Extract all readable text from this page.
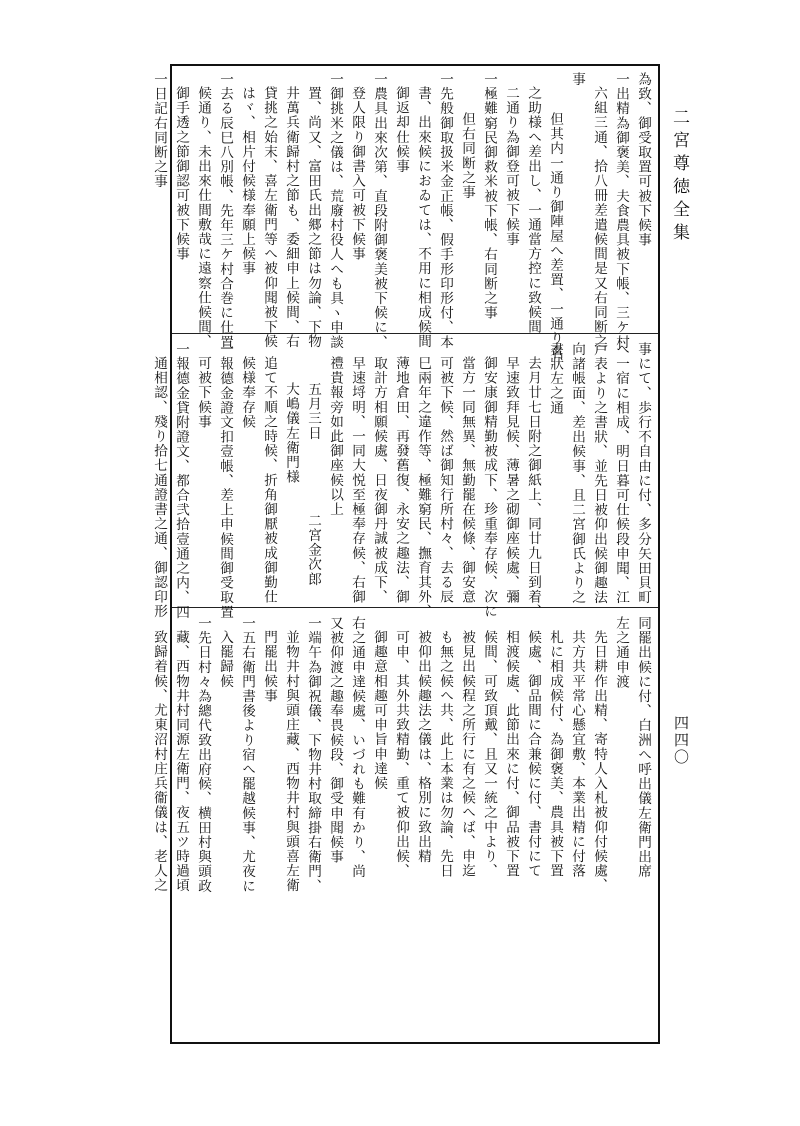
二宮尊徳全集
四四〇
為致、御受取置可被下候事
一出精為御褒美、夫食農具被下帳、三ケ村
六組三通、拾八冊差遣候間是又右同断之
事
但其内一通り御陣屋へ差置、一通り名
之助様へ差出し、一通當方控に致候間
二通り為御登可被下候事
一極難窮民御救米被下帳、右同断之事
但右同断之事
一先般御取扱米金正帳、假手形印形付、本
書、出來候におゐては、不用に相成候間
御返却仕候事
一農具出來次第、直段附御褒美被下候に、
登人限り御書入可被下候事
一御挑米之儀は、荒廢村役人へも具ヽ申談
置、尚又、富田氏出郷之節は勿論、下物
井萬兵衛歸村之節も、委細申上候間、右
貸挑之始末、喜左衛門等へ被仰聞被下候
はヾ、相片付候様奉願上候事
一去る辰巳八別帳、先年三ケ村合巻に仕置
候通り、未出來仕間敷哉に遠察仕候間、
御手透之節御認可被下候事
一日記右同断之事
事にて、歩行不自由に付、多分矢田貝町
へ一宿に相成、明日暮可仕候段申聞、江
戸表より之書狀、並先日被仰出候御趣法
向諸帳面、差出候事、且二宮御氏より之
書狀左之通
去月廿七日附之御紙上、同廿九日到着、
早速致拜見候、薄暑之砌御座候處、彌
御安康御精勤被成下、珍重奉存候、次に
當方一同無異、無勤罷在候條、御安意
可被下候、然ば御知行所村々、去る辰
巳兩年之違作等、極難窮民、撫育其外、
薄地倉田、再發舊復、永安之趣法、御
取計方相願候處、日夜御丹誠被成下、
早速埒明、一同大悦至極奉存候、右御
禮貴報旁如此御座候以上
五月三日　　　　　二宮金次郎
大嶋儀左衛門様
追て不順之時候、折角御厭被成御勤仕
候様奉存候
一報德金證文扣壹帳、差上申候間御受取置
可被下候事
一報德金貸附證文、都合弐拾壹通之内、四
通相認、殘り拾七通證書之通、御認印形
同罷出候に付、白洲へ呼出儀左衛門出席
左之通申渡
先日耕作出精、寄特人入札被仰付候處、
共方共平常心懸宜敷、本業出精に付落
札に相成候付、為御褒美、農具被下置
候處、御品間に合兼候に付、書付にて
相渡候處、此節出來に付、御品被下置
候間、可致頂戴、且又一統之中より、
被見出候程之所行に有之候へば、申迄
も無之候へ共、此上本業は勿論、先日
被仰出候趣法之儀は、格別に致出精
可申、其外共致精勤、重て被仰出候、
御趣意相趣可申旨申達候
右之通申達候處、いづれも難有かり、尚
又被仰渡之趣奉畏候段、御受申聞候事
一端午為御祝儀、下物井村取締掛右衛門、
並物井村與頭庄藏、西物井村與頭喜左衛
門罷出候事
一五右衛門書後より宿へ罷越候事、尤夜に
入罷歸候
一先日村々為總代致出府候、横田村與頭政
藏、西物井村同源左衛門、夜五ツ時過頃
致歸着候、尤東沼村庄兵衞儀は、老人之
